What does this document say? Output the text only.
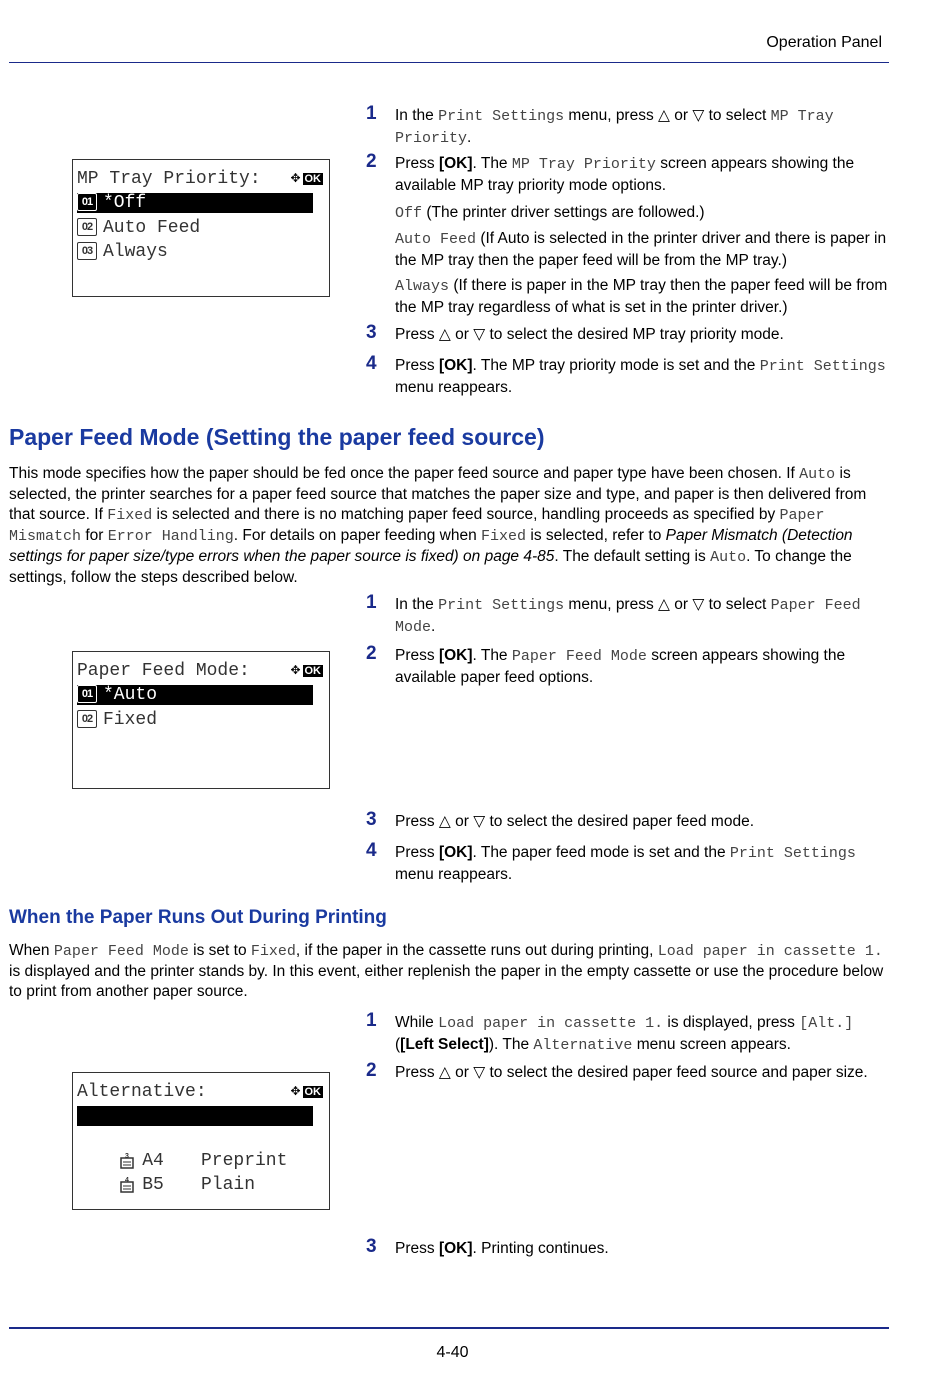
Operation Panel
MP Tray Priority: ✥ OK
01 *Off
02 Auto Feed
03 Always
1 In the Print Settings menu, press △ or ▽ to select MP Tray Priority.
2 Press [OK]. The MP Tray Priority screen appears showing the available MP tray priority mode options.
Off (The printer driver settings are followed.)
Auto Feed (If Auto is selected in the printer driver and there is paper in the MP tray then the paper feed will be from the MP tray.)
Always (If there is paper in the MP tray then the paper feed will be from the MP tray regardless of what is set in the printer driver.)
3 Press △ or ▽ to select the desired MP tray priority mode.
4 Press [OK]. The MP tray priority mode is set and the Print Settings menu reappears.
Paper Feed Mode (Setting the paper feed source)
This mode specifies how the paper should be fed once the paper feed source and paper type have been chosen. If Auto is selected, the printer searches for a paper feed source that matches the paper size and type, and paper is then delivered from that source. If Fixed is selected and there is no matching paper feed source, handling proceeds as specified by Paper Mismatch for Error Handling. For details on paper feeding when Fixed is selected, refer to Paper Mismatch (Detection settings for paper size/type errors when the paper source is fixed) on page 4-85. The default setting is Auto. To change the settings, follow the steps described below.
Paper Feed Mode:	✥ OK
01 *Auto
02 Fixed
1 In the Print Settings menu, press △ or ▽ to select Paper Feed Mode.
2 Press [OK]. The Paper Feed Mode screen appears showing the available paper feed options.
3 Press △ or ▽ to select the desired paper feed mode.
4 Press [OK]. The paper feed mode is set and the Print Settings menu reappears.
When the Paper Runs Out During Printing
When Paper Feed Mode is set to Fixed, if the paper in the cassette runs out during printing, Load paper in cassette 1. is displayed and the printer stands by. In this event, either replenish the paper in the empty cassette or use the procedure below to print from another paper source.
Alternative:	✥ OK

2 A5 Plain

3 A4 Preprint

4 B5 Plain

1 While Load paper in cassette 1. is displayed, press [Alt.] ([Left Select]). The Alternative menu screen appears.
2 Press △ or ▽ to select the desired paper feed source and paper size.
3 Press [OK]. Printing continues.
4-40
